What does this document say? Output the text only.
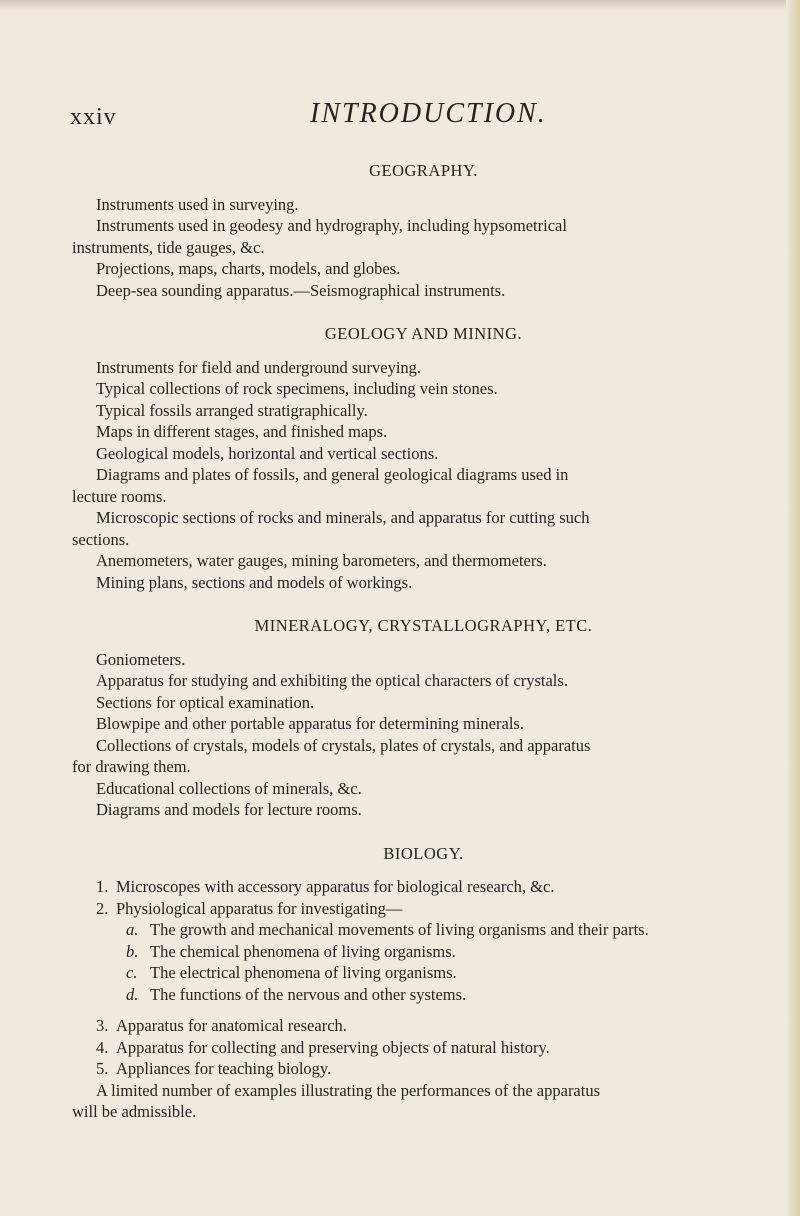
xxiv	INTRODUCTION.

GEOGRAPHY.

Instruments used in surveying.

Instruments used in geodesy and hydrography, including hypsometrical
instruments, tide gauges, &c.

Projections, maps, charts, models, and globes.

Deep-sea sounding apparatus.—Seismographical instruments.

GEOLOGY AND MINING.

Instruments for field and underground surveying.

Typical collections of rock specimens, including vein stones.

Typical fossils arranged stratigraphically.

Maps in different stages, and finished maps.

Geological models, horizontal and vertical sections.

Diagrams and plates of fossils, and general geological diagrams used in
lecture rooms.

Microscopic sections of rocks and minerals, and apparatus for cutting such
sections.

Anemometers, water gauges, mining barometers, and thermometers.

Mining plans, sections and models of workings.

MINERALOGY, CRYSTALLOGRAPHY, ETC.

Goniometers.

Apparatus for studying and exhibiting the optical characters of crystals.

Sections for optical examination.

Blowpipe and other portable apparatus for determining minerals.

Collections of crystals, models of crystals, plates of crystals, and apparatus
for drawing them.

Educational collections of minerals, &c.

Diagrams and models for lecture rooms.

BIOLOGY.

1. Microscopes with accessory apparatus for biological research, &c.
2. Physiological apparatus for investigating—
a. The growth and mechanical movements of living organisms and their parts.
b. The chemical phenomena of living organisms.
c. The electrical phenomena of living organisms.
d. The functions of the nervous and other systems.
3. Apparatus for anatomical research.
4. Apparatus for collecting and preserving objects of natural history.
5. Appliances for teaching biology.

A limited number of examples illustrating the performances of the apparatus
will be admissible.
